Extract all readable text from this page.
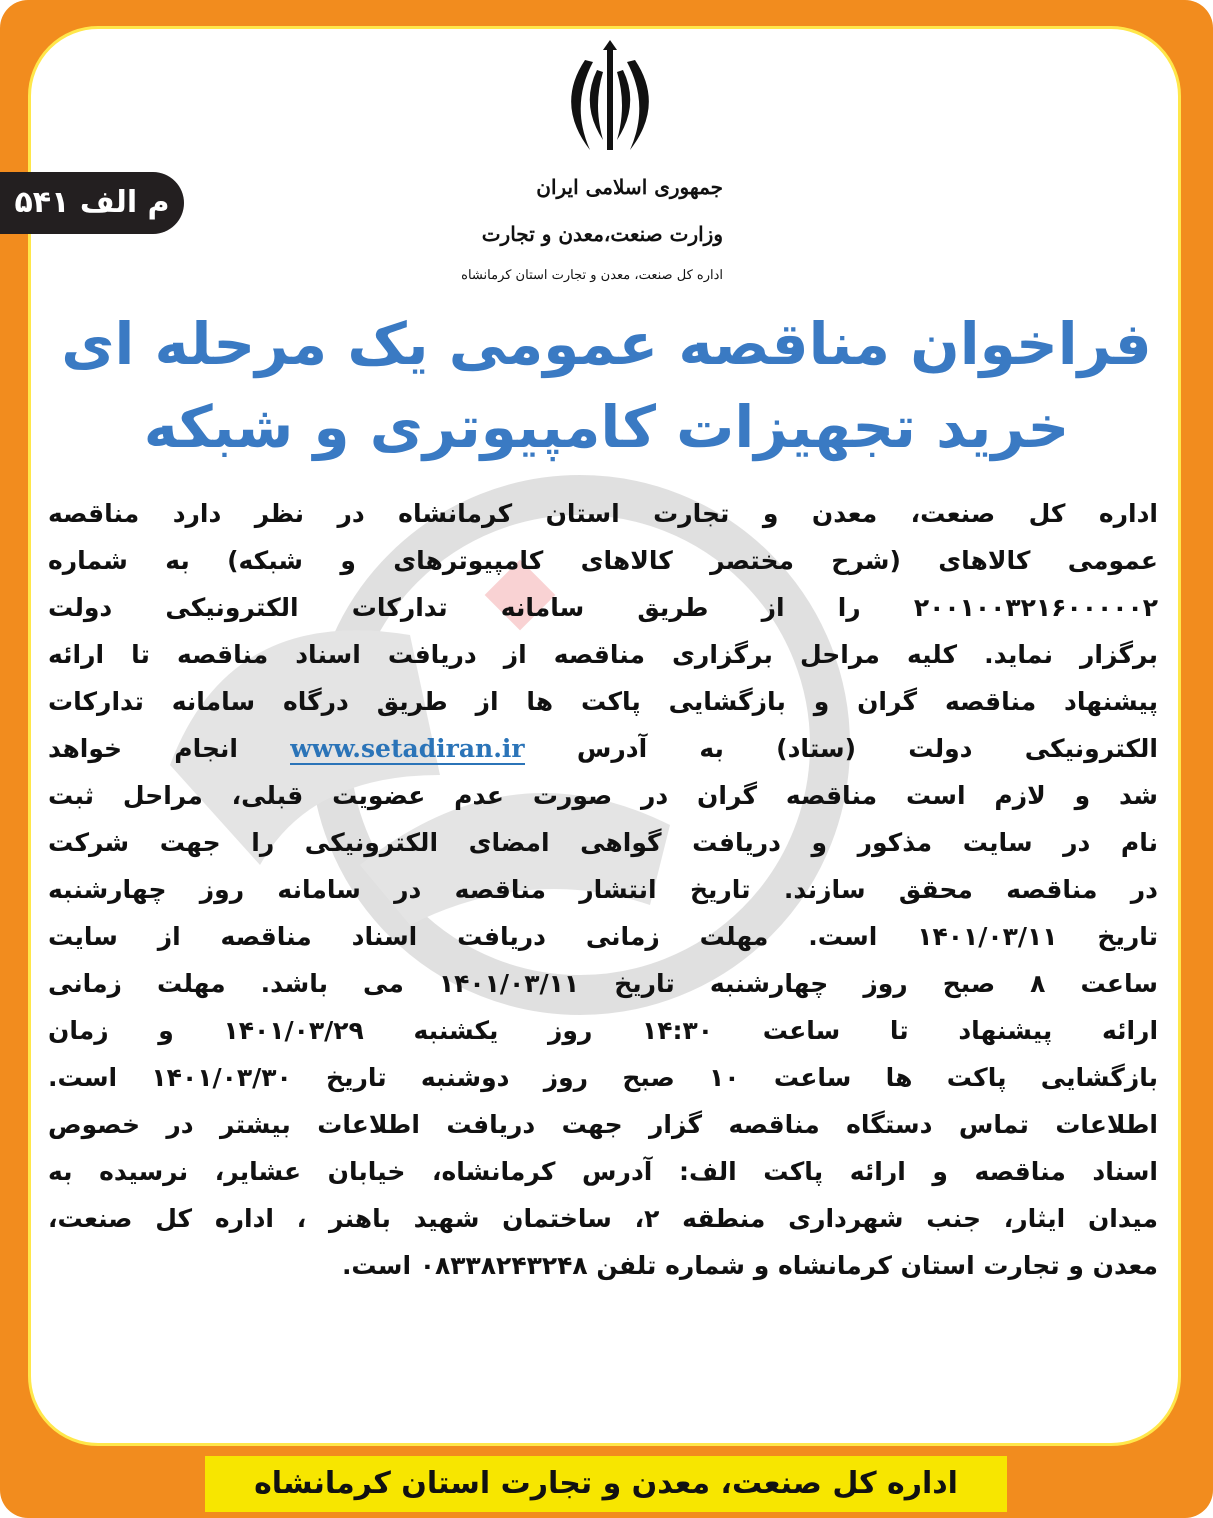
جمهوری اسلامی ایران
وزارت صنعت،معدن و تجارت
اداره کل صنعت، معدن و تجارت استان کرمانشاه
م الف ۵۴۱
فراخوان مناقصه عمومی یک مرحله ای
خرید تجهیزات کامپیوتری و شبکه
اداره کل صنعت، معدن و تجارت استان کرمانشاه در نظر دارد مناقصه
عمومی کالاهای (شرح مختصر کالاهای کامپیوترهای و شبکه) به شماره
۲۰۰۱۰۰۳۲۱۶۰۰۰۰۰۲ را از طریق سامانه تدارکات الکترونیکی دولت
برگزار نماید. کلیه مراحل برگزاری مناقصه از دریافت اسناد مناقصه تا ارائه
پیشنهاد مناقصه گران و بازگشایی پاکت ها از طریق درگاه سامانه تدارکات
الکترونیکی دولت (ستاد) به آدرس www.setadiran.ir انجام خواهد
شد و لازم است مناقصه گران در صورت عدم عضویت قبلی، مراحل ثبت
نام در سایت مذکور و دریافت گواهی امضای الکترونیکی را جهت شرکت
در مناقصه محقق سازند. تاریخ انتشار مناقصه در سامانه روز چهارشنبه
تاریخ ۱۴۰۱/۰۳/۱۱ است. مهلت زمانی دریافت اسناد مناقصه از سایت
ساعت ۸ صبح روز چهارشنبه تاریخ ۱۴۰۱/۰۳/۱۱ می باشد. مهلت زمانی
ارائه پیشنهاد تا ساعت ۱۴:۳۰ روز یکشنبه ۱۴۰۱/۰۳/۲۹ و زمان
بازگشایی پاکت ها ساعت ۱۰ صبح روز دوشنبه تاریخ ۱۴۰۱/۰۳/۳۰ است.
اطلاعات تماس دستگاه مناقصه گزار جهت دریافت اطلاعات بیشتر در خصوص
اسناد مناقصه و ارائه پاکت الف: آدرس کرمانشاه، خیابان عشایر، نرسیده به
میدان ایثار، جنب شهرداری منطقه ۲، ساختمان شهید باهنر ، اداره کل صنعت،
معدن و تجارت استان کرمانشاه و شماره تلفن ۰۸۳۳۸۲۴۳۲۴۸ است.
اداره کل صنعت، معدن و تجارت استان کرمانشاه
